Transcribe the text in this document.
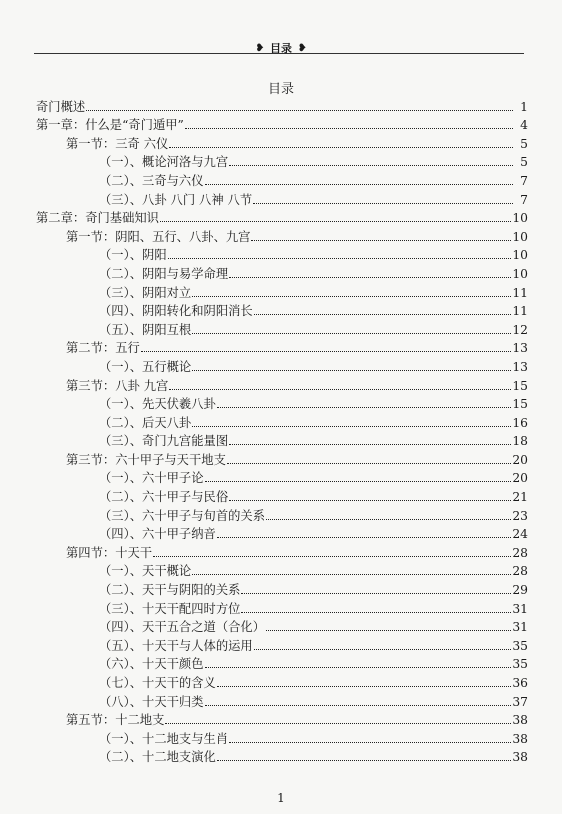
❥ 目录 ❥
目录
奇门概述	1
第一章：什么是“奇门遁甲”	4
第一节：三奇 六仪	5
（一）、概论河洛与九宫	5
（二）、三奇与六仪	7
（三）、八卦 八门 八神 八节	7
第二章：奇门基础知识	10
第一节：阴阳、五行、八卦、九宫	10
（一）、阴阳	10
（二）、阴阳与易学命理	10
（三）、阴阳对立	11
（四）、阴阳转化和阴阳消长	11
（五）、阴阳互根	12
第二节：五行	13
（一）、五行概论	13
第三节：八卦 九宫	15
（一）、先天伏羲八卦	15
（二）、后天八卦	16
（三）、奇门九宫能量图	18
第三节：六十甲子与天干地支	20
（一）、六十甲子论	20
（二）、六十甲子与民俗	21
（三）、六十甲子与旬首的关系	23
（四）、六十甲子纳音	24
第四节：十天干	28
（一）、天干概论	28
（二）、天干与阴阳的关系	29
（三）、十天干配四时方位	31
（四）、天干五合之道（合化）	31
（五）、十天干与人体的运用	35
（六）、十天干颜色	35
（七）、十天干的含义	36
（八）、十天干归类	37
第五节：十二地支	38
（一）、十二地支与生肖	38
（二）、十二地支演化	38
1
